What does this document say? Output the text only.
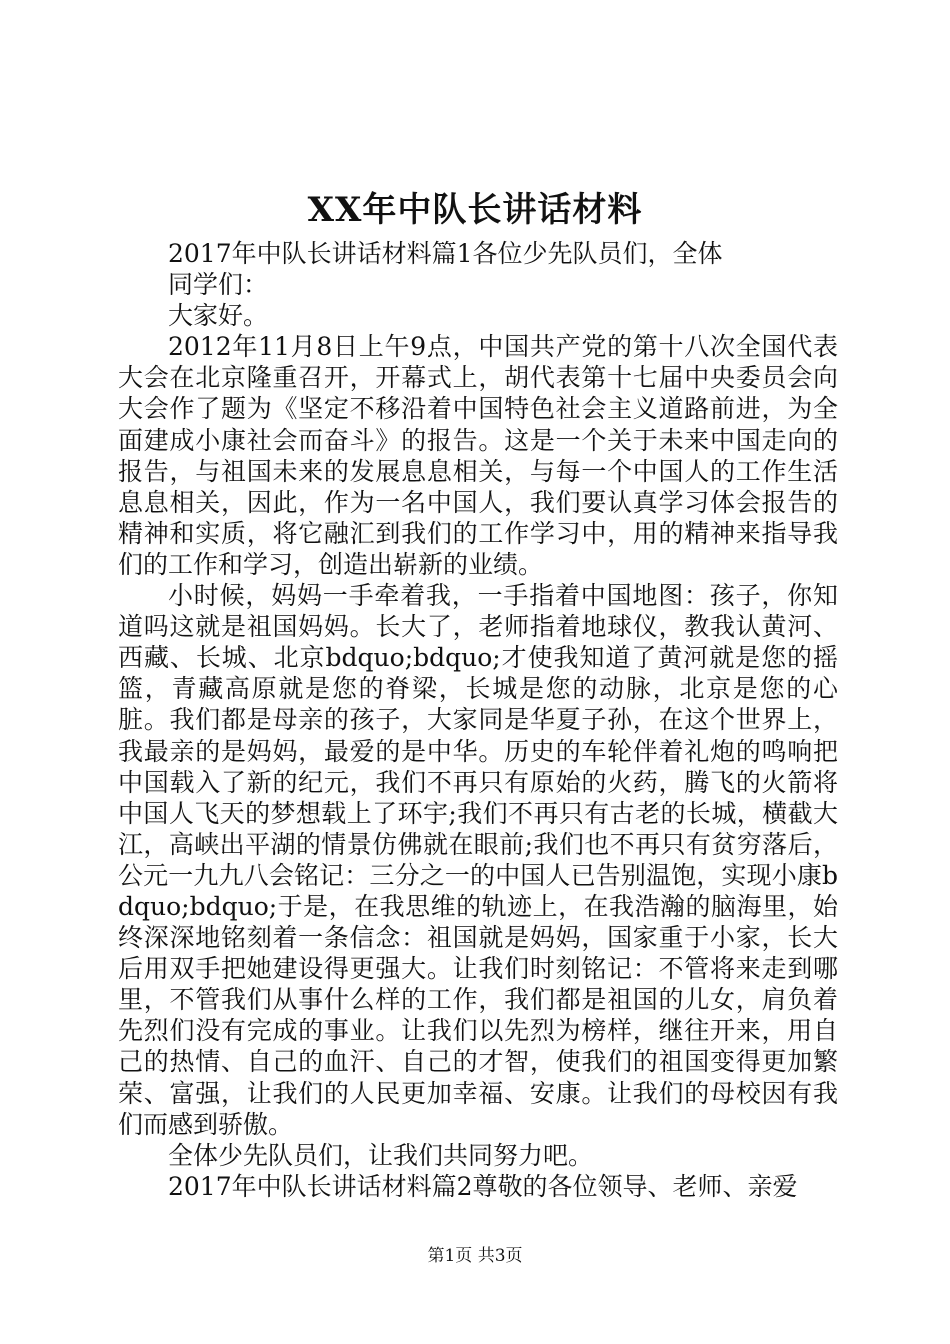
XX年中队长讲话材料

2017年中队长讲话材料篇1各位少先队员们，全体
同学们：

大家好。

2012年11月8日上午9点，中国共产党的第十八次全国代表大会在北京隆重召开，开幕式上，胡代表第十七届中央委员会向大会作了题为《坚定不移沿着中国特色社会主义道路前进，为全面建成小康社会而奋斗》的报告。这是一个关于未来中国走向的报告，与祖国未来的发展息息相关，与每一个中国人的工作生活息息相关，因此，作为一名中国人，我们要认真学习体会报告的精神和实质，将它融汇到我们的工作学习中，用的精神来指导我们的工作和学习，创造出崭新的业绩。

小时候，妈妈一手牵着我，一手指着中国地图：孩子，你知道吗这就是祖国妈妈。长大了，老师指着地球仪，教我认黄河、西藏、长城、北京bdquo;bdquo;才使我知道了黄河就是您的摇篮，青藏高原就是您的脊梁，长城是您的动脉，北京是您的心脏。我们都是母亲的孩子，大家同是华夏子孙，在这个世界上，我最亲的是妈妈，最爱的是中华。历史的车轮伴着礼炮的鸣响把中国载入了新的纪元，我们不再只有原始的火药，腾飞的火箭将中国人飞天的梦想载上了环宇;我们不再只有古老的长城，横截大江，高峡出平湖的情景仿佛就在眼前;我们也不再只有贫穷落后，公元一九九八会铭记：三分之一的中国人已告别温饱，实现小康bdquo;bdquo;于是，在我思维的轨迹上，在我浩瀚的脑海里，始终深深地铭刻着一条信念：祖国就是妈妈，国家重于小家，长大后用双手把她建设得更强大。让我们时刻铭记：不管将来走到哪里，不管我们从事什么样的工作，我们都是祖国的儿女，肩负着先烈们没有完成的事业。让我们以先烈为榜样，继往开来，用自己的热情、自己的血汗、自己的才智，使我们的祖国变得更加繁荣、富强，让我们的人民更加幸福、安康。让我们的母校因有我们而感到骄傲。

全体少先队员们，让我们共同努力吧。

2017年中队长讲话材料篇2尊敬的各位领导、老师、亲爱

第1页 共3页
